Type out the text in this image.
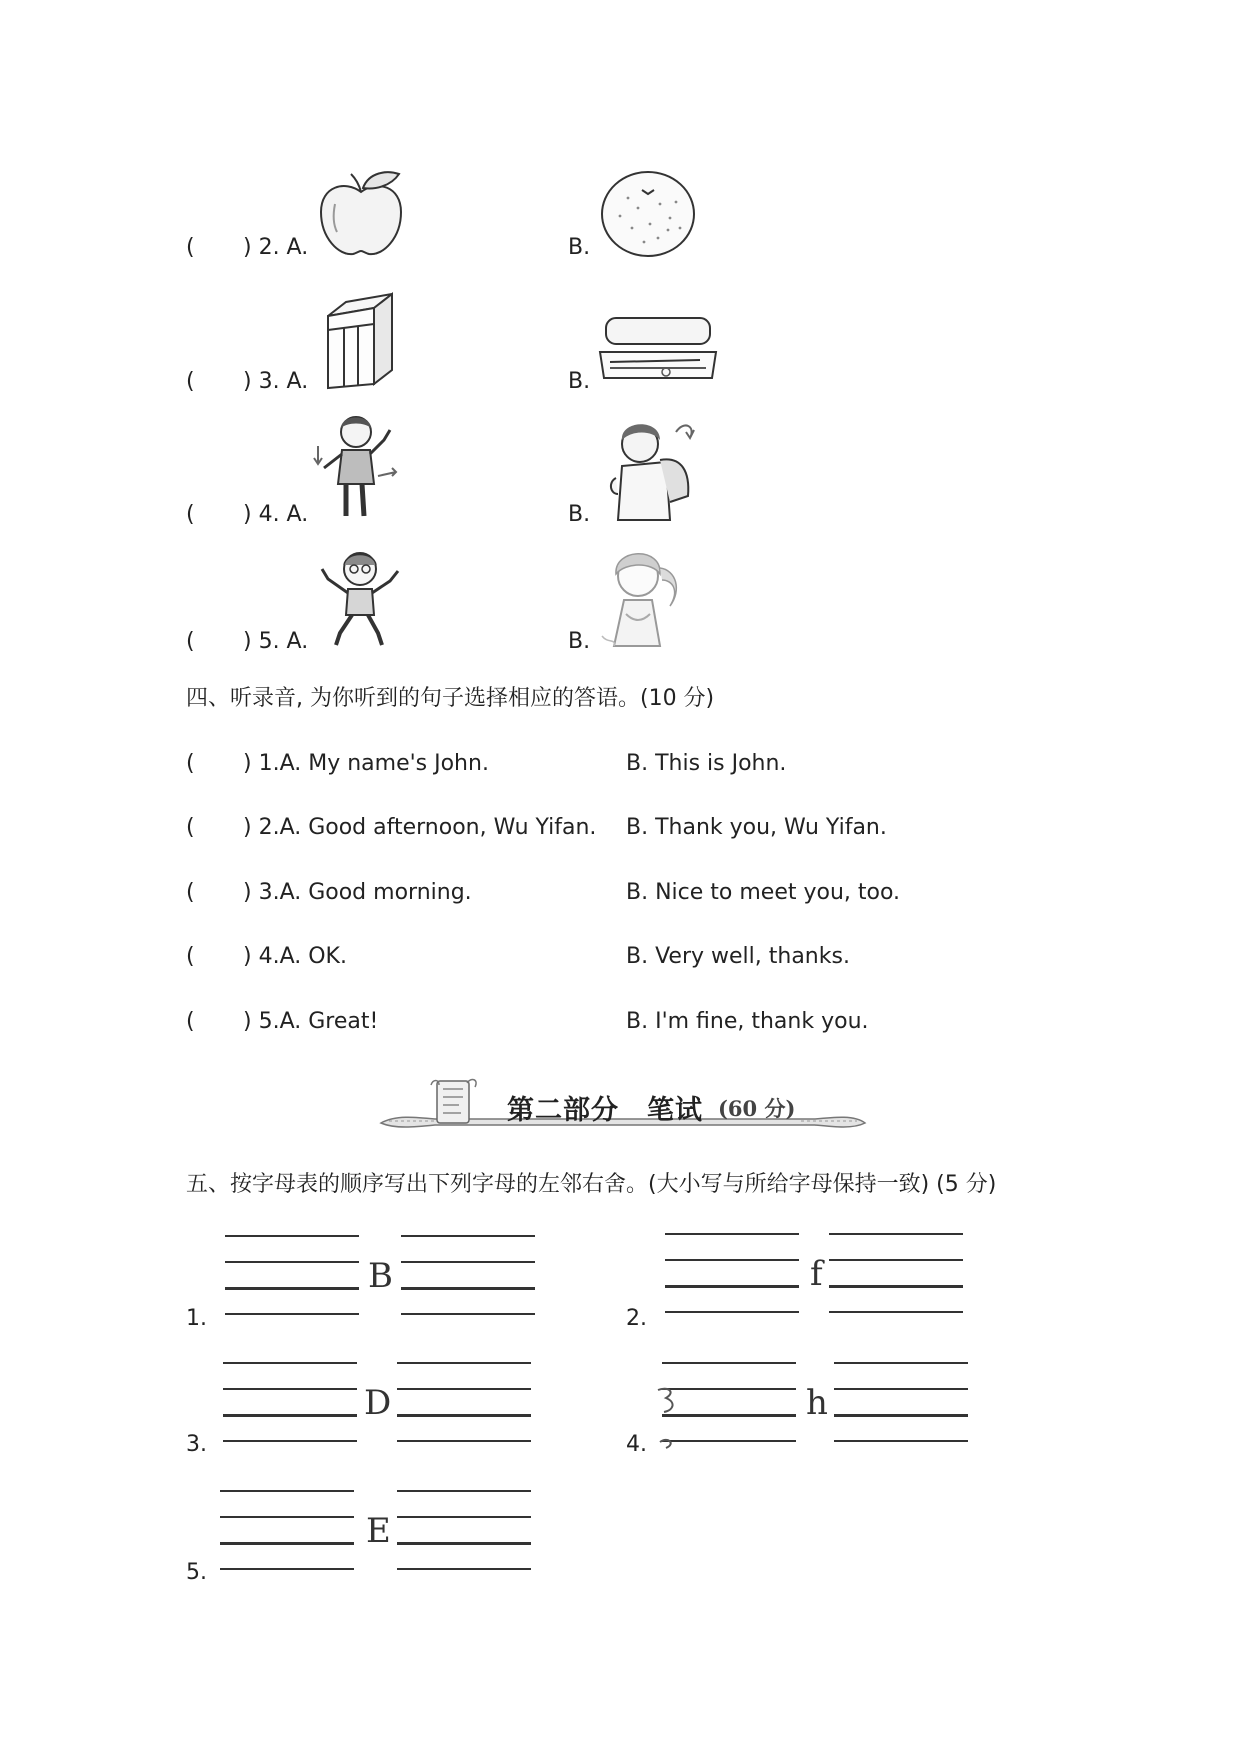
( ) 2. A.	B.
( ) 3. A.	B.
( ) 4. A.	B.
( ) 5. A.	B.
四、听录音, 为你听到的句子选择相应的答语。(10 分)
( ) 1.A. My name's John.	B. This is John.
( ) 2.A. Good afternoon, Wu Yifan. B. Thank you, Wu Yifan.
( ) 3.A. Good morning.	B. Nice to meet you, too.
( ) 4.A. OK.	B. Very well, thanks.
( ) 5.A. Great!	B. I'm fine, thank you.
第二部分　笔试 (60 分)
五、按字母表的顺序写出下列字母的左邻右舍。(大小写与所给字母保持一致) (5 分)
1.
B
2.
f
3.
D
4.
h
5.
E
